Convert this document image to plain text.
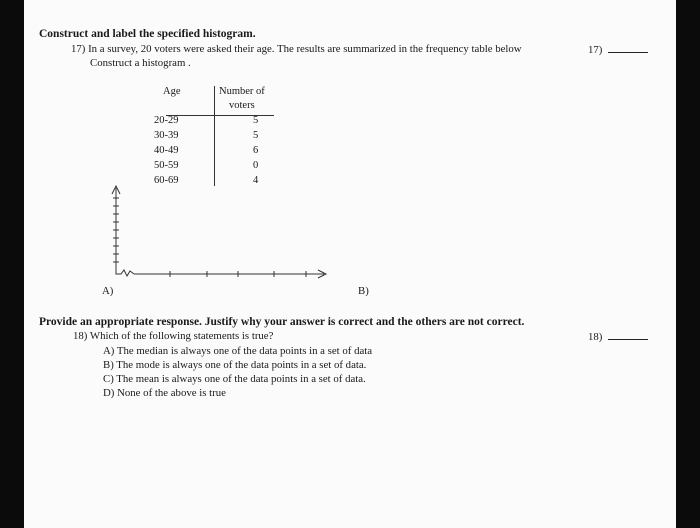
Construct and label the specified histogram.
17) In a survey, 20 voters were asked their age. The results are summarized in the frequency table below
Construct a histogram .
17)
Age	Number of
voters
20-29	5
30-39	5
40-49	6
50-59	0
60-69	4
A)	B)
Provide an appropriate response. Justify why your answer is correct and the others are not correct.
18) Which of the following statements is true?	18)
A) The median is always one of the data points in a set of data
B) The mode is always one of the data points in a set of data.
C) The mean is always one of the data points in a set of data.
D) None of the above is true
